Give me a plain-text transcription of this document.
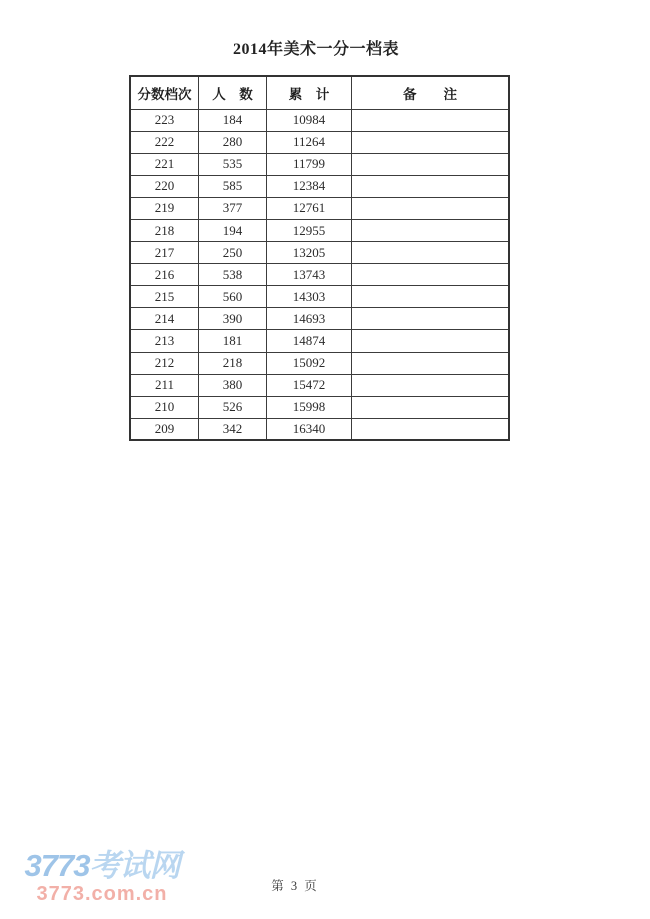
2014年美术一分一档表
分数档次	人　数	累　计	备　　注
223	184	10984	
222	280	11264	
221	535	11799	
220	585	12384	
219	377	12761	
218	194	12955	
217	250	13205	
216	538	13743	
215	560	14303	
214	390	14693	
213	181	14874	
212	218	15092	
211	380	15472	
210	526	15998	
209	342	16340	
3773考试网
3773.com.cn	第 3 页
